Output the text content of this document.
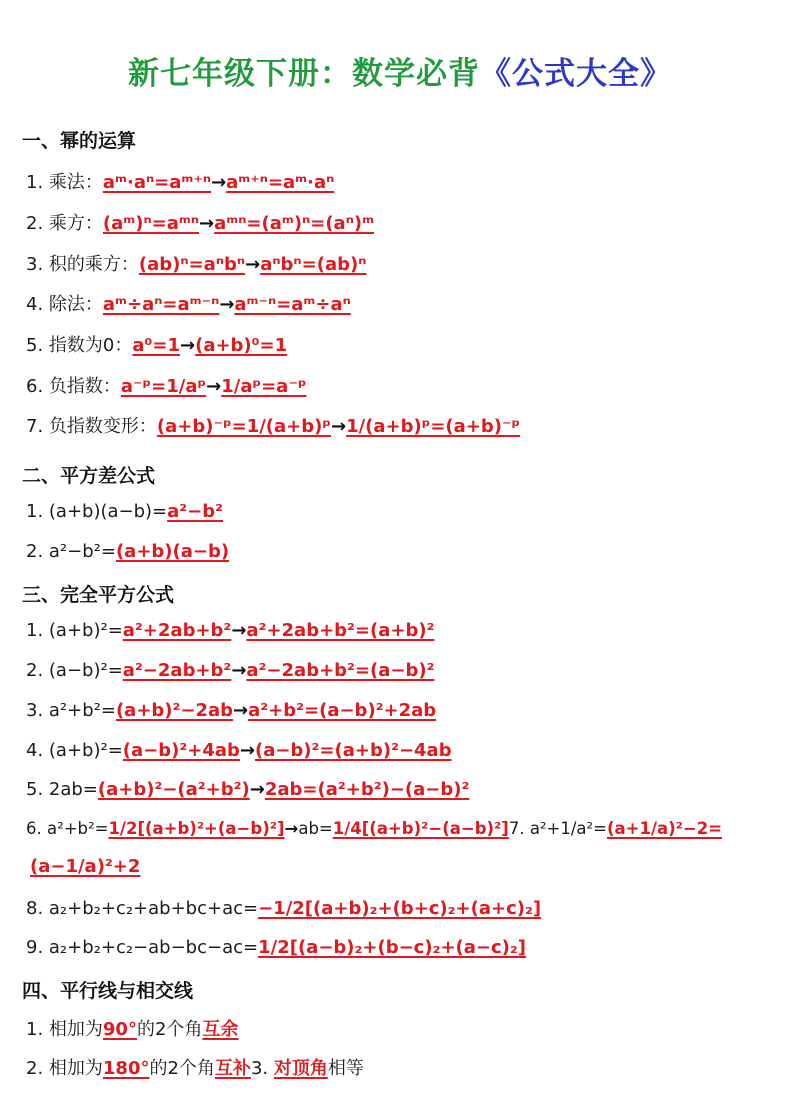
新七年级下册：数学必背《公式大全》
一、幂的运算
1. 乘法：aᵐ·aⁿ=aᵐ⁺ⁿ→aᵐ⁺ⁿ=aᵐ·aⁿ
2. 乘方：(aᵐ)ⁿ=aᵐⁿ→aᵐⁿ=(aᵐ)ⁿ=(aⁿ)ᵐ
3. 积的乘方：(ab)ⁿ=aⁿbⁿ→aⁿbⁿ=(ab)ⁿ
4. 除法：aᵐ÷aⁿ=aᵐ⁻ⁿ→aᵐ⁻ⁿ=aᵐ÷aⁿ
5. 指数为0：a⁰=1→(a+b)⁰=1
6. 负指数：a⁻ᵖ=1/aᵖ→1/aᵖ=a⁻ᵖ
7. 负指数变形：(a+b)⁻ᵖ=1/(a+b)ᵖ→1/(a+b)ᵖ=(a+b)⁻ᵖ
二、平方差公式
1. (a+b)(a−b)=a²−b²
2. a²−b²=(a+b)(a−b)
三、完全平方公式
1. (a+b)²=a²+2ab+b²→a²+2ab+b²=(a+b)²
2. (a−b)²=a²−2ab+b²→a²−2ab+b²=(a−b)²
3. a²+b²=(a+b)²−2ab→a²+b²=(a−b)²+2ab
4. (a+b)²=(a−b)²+4ab→(a−b)²=(a+b)²−4ab
5. 2ab=(a+b)²−(a²+b²)→2ab=(a²+b²)−(a−b)²
6. a²+b²=1/2[(a+b)²+(a−b)²]→ab=1/4[(a+b)²−(a−b)²]7. a²+1/a²=(a+1/a)²−2=
(a−1/a)²+2
8. a₂+b₂+c₂+ab+bc+ac=−1/2[(a+b)₂+(b+c)₂+(a+c)₂]
9. a₂+b₂+c₂−ab−bc−ac=1/2[(a−b)₂+(b−c)₂+(a−c)₂]
四、平行线与相交线
1. 相加为90°的2个角互余
2. 相加为180°的2个角互补3. 对顶角相等
